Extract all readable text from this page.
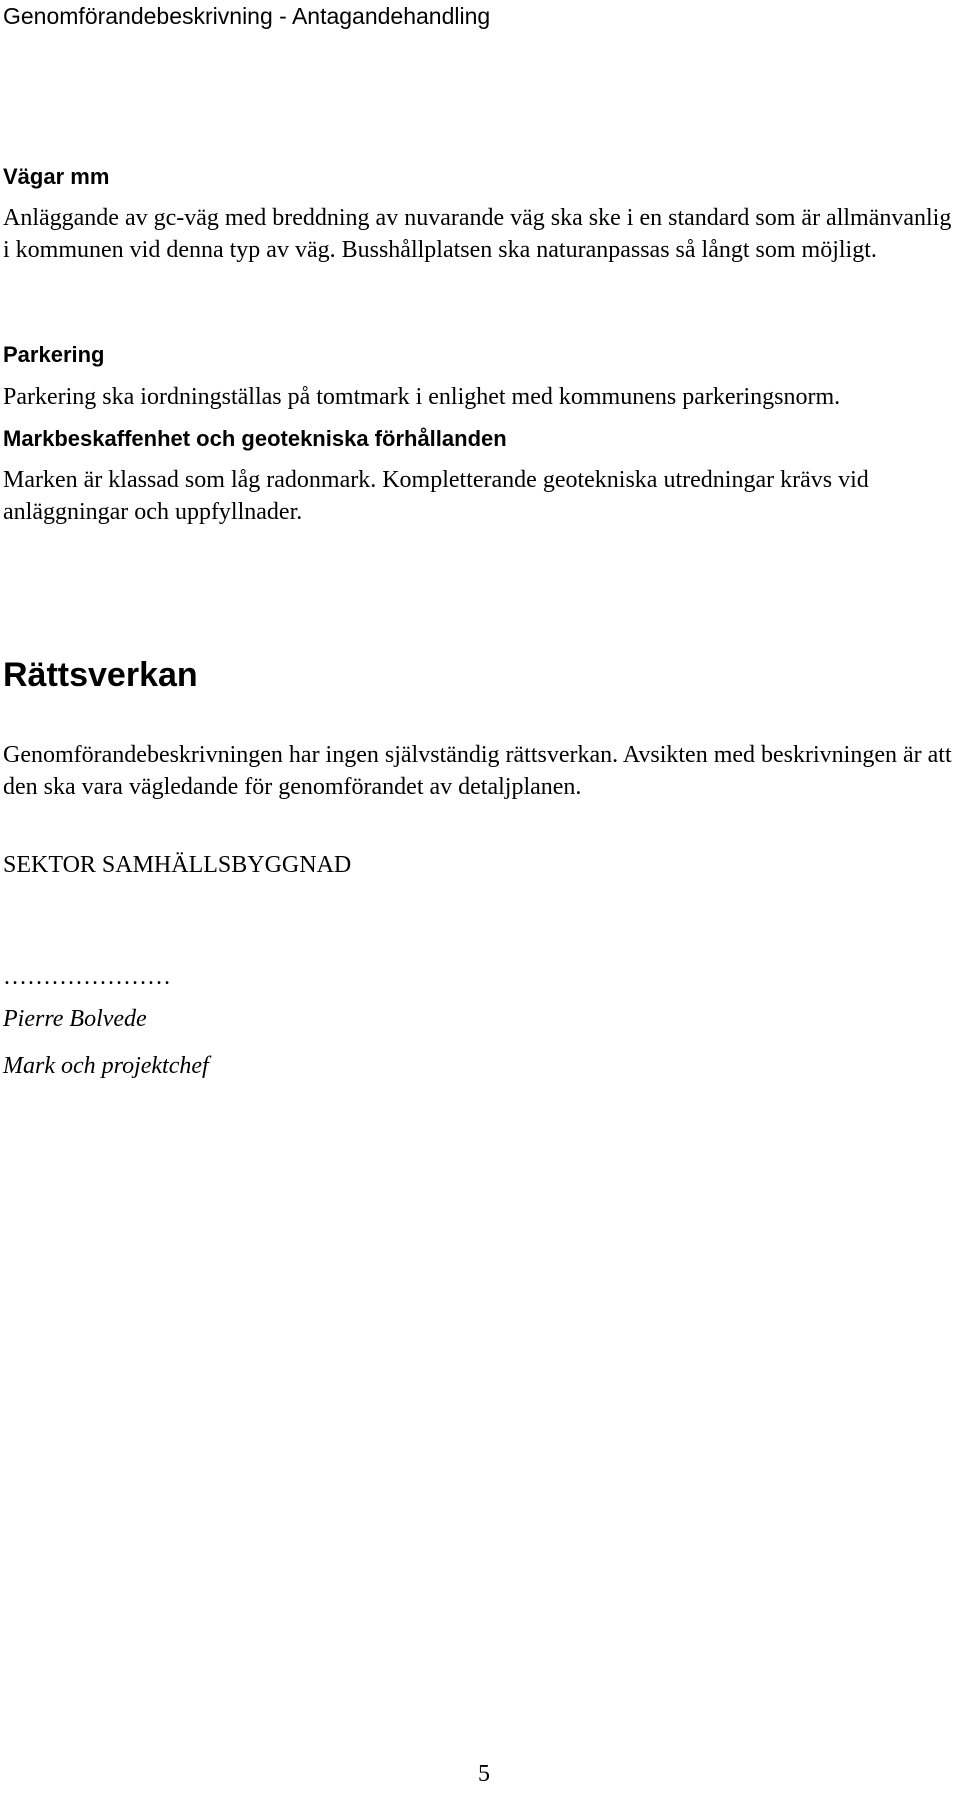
Genomförandebeskrivning - Antagandehandling
Vägar mm

Anläggande av gc-väg med breddning av nuvarande väg ska ske i en standard som är allmänvanlig i kommunen vid denna typ av väg. Busshållplatsen ska naturanpassas så långt som möjligt.

Parkering

Parkering ska iordningställas på tomtmark i enlighet med kommunens parkeringsnorm.

Markbeskaffenhet och geotekniska förhållanden

Marken är klassad som låg radonmark. Kompletterande geotekniska utredningar krävs vid anläggningar och uppfyllnader.

Rättsverkan

Genomförandebeskrivningen har ingen självständig rättsverkan. Avsikten med beskrivningen är att den ska vara vägledande för genomförandet av detaljplanen.

SEKTOR SAMHÄLLSBYGGNAD
…………………
Pierre Bolvede
Mark och projektchef
5
